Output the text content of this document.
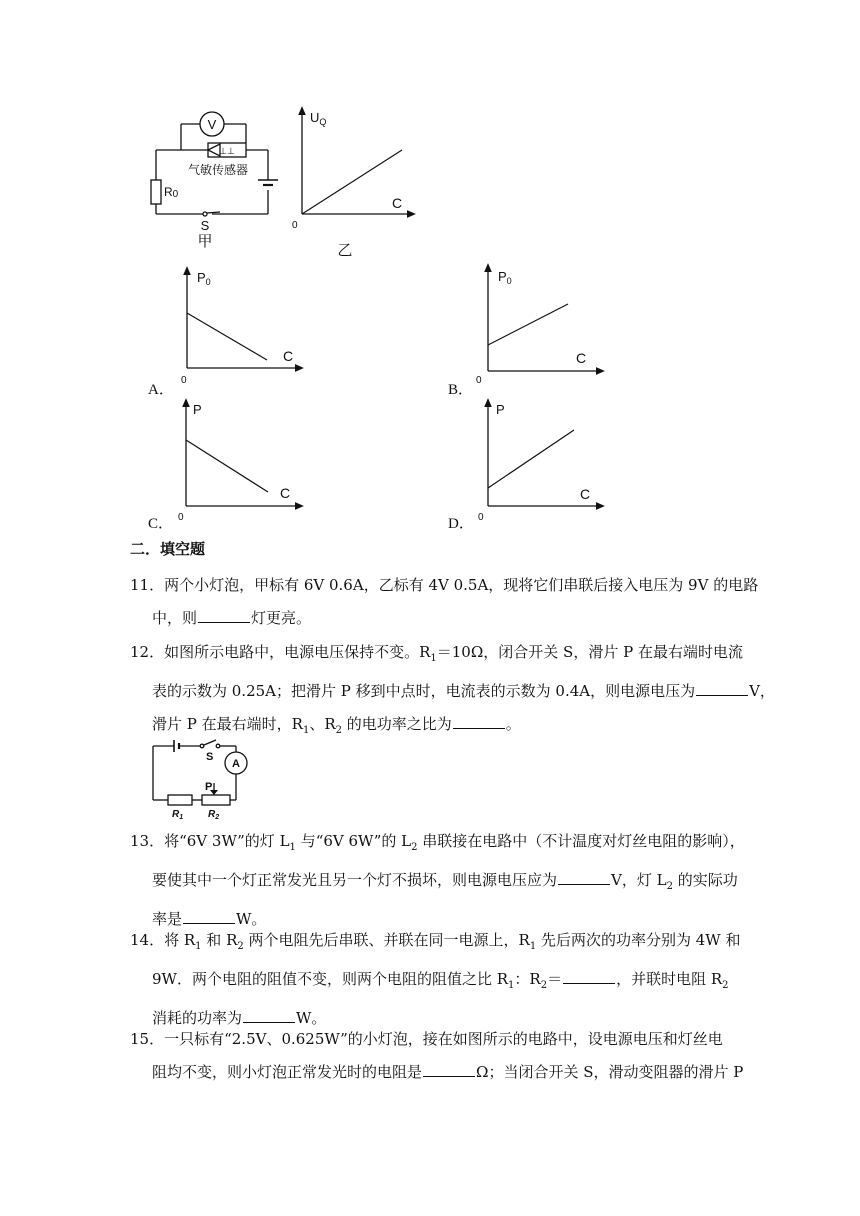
V
⊥⊥
气敏传感器
R0
S
甲
$U_Q$
C
0
乙
A．
$P_0$
C
0
B．
$P_0$
C
0
C．
P
C
0	D．
P
C
0
二．填空题
11．两个小灯泡，甲标有 6V 0.6A，乙标有 4V 0.5A，现将它们串联后接入电压为 9V 的电路
中，则	灯更亮。
12．如图所示电路中，电源电压保持不变。$R_1=10\Omega$，闭合开关 S，滑片 P 在最右端时电流
表的示数为 0.25A；把滑片 P 移到中点时，电流表的示数为 0.4A，则电源电压为	V，
滑片 P 在最右端时，$R_1$、$R_2$ 的电功率之比为	。
S
A
P
$R_1$ $R_2$
13．将“6V 3W”的灯 $L_1$ 与“6V 6W”的 $L_2$ 串联接在电路中（不计温度对灯丝电阻的影响），
要使其中一个灯正常发光且另一个灯不损坏，则电源电压应为	V，灯 $L_2$ 的实际功
率是	W。
14．将 $R_1$ 和 $R_2$ 两个电阻先后串联、并联在同一电源上，$R_1$ 先后两次的功率分别为 4W 和
9W．两个电阻的阻值不变，则两个电阻的阻值之比 $R_1$：$R_2=$	，并联时电阻 $R_2$
消耗的功率为	W。
15．一只标有“2.5V、0.625W”的小灯泡，接在如图所示的电路中，设电源电压和灯丝电
阻均不变，则小灯泡正常发光时的电阻是	Ω；当闭合开关 S，滑动变阻器的滑片 P
